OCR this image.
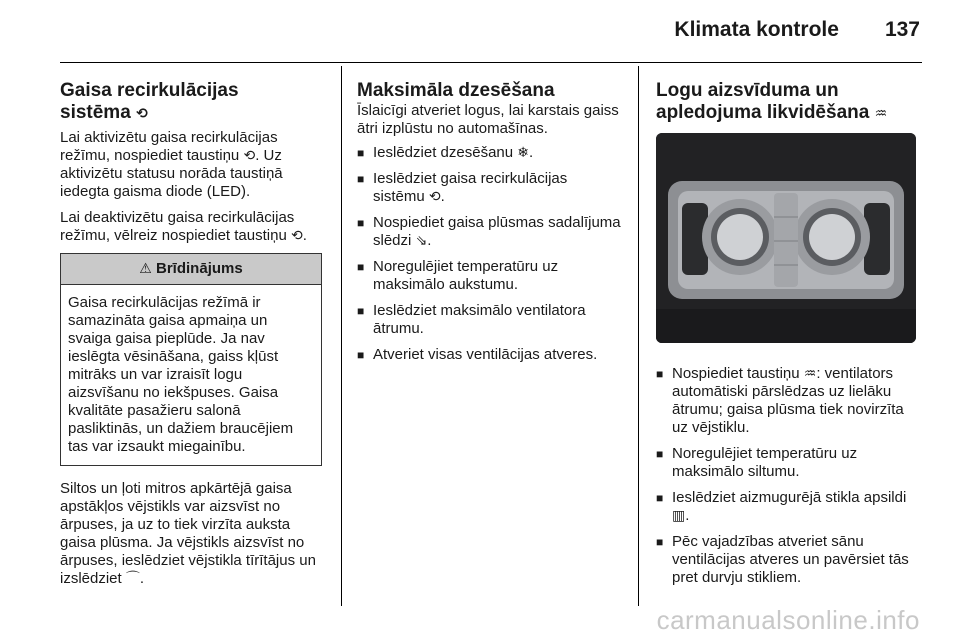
Klimata kontrole 137
Gaisa recirkulācijas
sistēma ⟲

Lai aktivizētu gaisa recirkulācijas režīmu, nospiediet taustiņu ⟲. Uz aktivizētu statusu norāda taustiņā iedegta gaisma diode (LED).

Lai deaktivizētu gaisa recirkulācijas režīmu, vēlreiz nospiediet taustiņu ⟲.

⚠ Brīdinājums
Gaisa recirkulācijas režīmā ir samazināta gaisa apmaiņa un svaiga gaisa pieplūde. Ja nav ieslēgta vēsināšana, gaiss kļūst mitrāks un var izraisīt logu aizsvīšanu no iekšpuses. Gaisa kvalitāte pasažieru salonā pasliktinās, un dažiem braucējiem tas var izsaukt miegainību.

Siltos un ļoti mitros apkārtējā gaisa apstākļos vējstikls var aizsvīst no ārpuses, ja uz to tiek virzīta auksta gaisa plūsma. Ja vējstikls aizsvīst no ārpuses, ieslēdziet vējstikla tīrītājus un izslēdziet ⌒.

Maksimāla dzesēšana

Īslaicīgi atveriet logus, lai karstais gaiss ātri izplūstu no automašīnas.

■ Ieslēdziet dzesēšanu ❄.
■ Ieslēdziet gaisa recirkulācijas sistēmu ⟲.
■ Nospiediet gaisa plūsmas sadalījuma slēdzi ⇘.
■ Noregulējiet temperatūru uz maksimālo aukstumu.
■ Ieslēdziet maksimālo ventilatora ātrumu.
■ Atveriet visas ventilācijas atveres.
Logu aizsvīduma un
apledojuma likvidēšana ♒
■ Nospiediet taustiņu ♒: ventilators automātiski pārslēdzas uz lielāku ātrumu; gaisa plūsma tiek novirzīta uz vējstiklu.
■ Noregulējiet temperatūru uz maksimālo siltumu.
■ Ieslēdziet aizmugurējā stikla apsildi ▥.
■ Pēc vajadzības atveriet sānu ventilācijas atveres un pavērsiet tās pret durvju stikliem.
carmanualsonline.info
